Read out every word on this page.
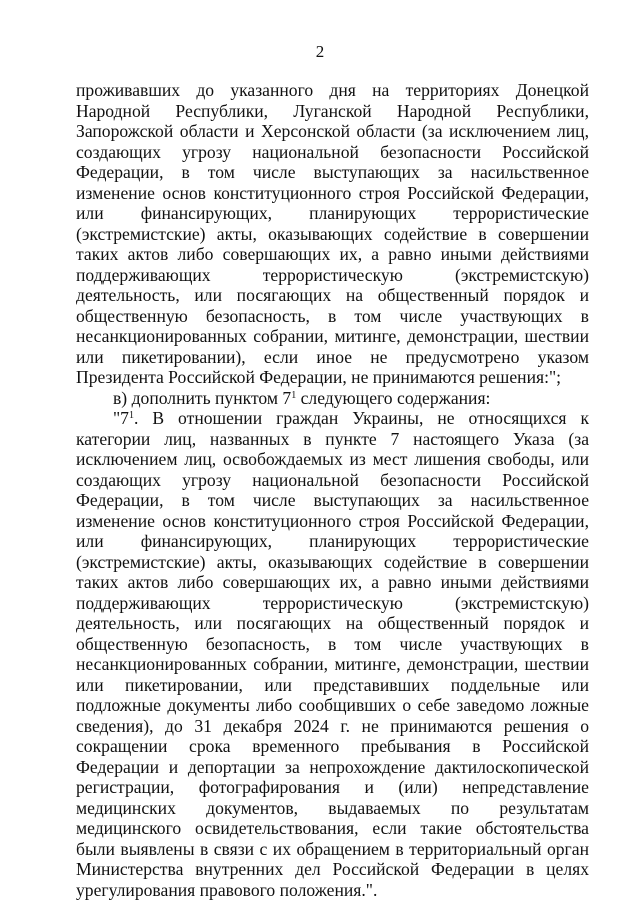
2

проживавших до указанного дня на территориях Донецкой Народной Республики, Луганской Народной Республики, Запорожской области и Херсонской области (за исключением лиц, создающих угрозу национальной безопасности Российской Федерации, в том числе выступающих за насильственное изменение основ конституционного строя Российской Федерации, или финансирующих, планирующих террористические (экстремистские) акты, оказывающих содействие в совершении таких актов либо совершающих их, а равно иными действиями поддерживающих террористическую (экстремистскую) деятельность, или посягающих на общественный порядок и общественную безопасность, в том числе участвующих в несанкционированных собрании, митинге, демонстрации, шествии или пикетировании), если иное не предусмотрено указом Президента Российской Федерации, не принимаются решения:";

в) дополнить пунктом $7^1$ следующего содержания:

"$7^1$. В отношении граждан Украины, не относящихся к категории лиц, названных в пункте 7 настоящего Указа (за исключением лиц, освобождаемых из мест лишения свободы, или создающих угрозу национальной безопасности Российской Федерации, в том числе выступающих за насильственное изменение основ конституционного строя Российской Федерации, или финансирующих, планирующих террористические (экстремистские) акты, оказывающих содействие в совершении таких актов либо совершающих их, а равно иными действиями поддерживающих террористическую (экстремистскую) деятельность, или посягающих на общественный порядок и общественную безопасность, в том числе участвующих в несанкционированных собрании, митинге, демонстрации, шествии или пикетировании, или представивших поддельные или подложные документы либо сообщивших о себе заведомо ложные сведения), до 31 декабря 2024 г. не принимаются решения о сокращении срока временного пребывания в Российской Федерации и депортации за непрохождение дактилоскопической регистрации, фотографирования и (или) непредставление медицинских документов, выдаваемых по результатам медицинского освидетельствования, если такие обстоятельства были выявлены в связи с их обращением в территориальный орган Министерства внутренних дел Российской Федерации в целях урегулирования правового положения.".
